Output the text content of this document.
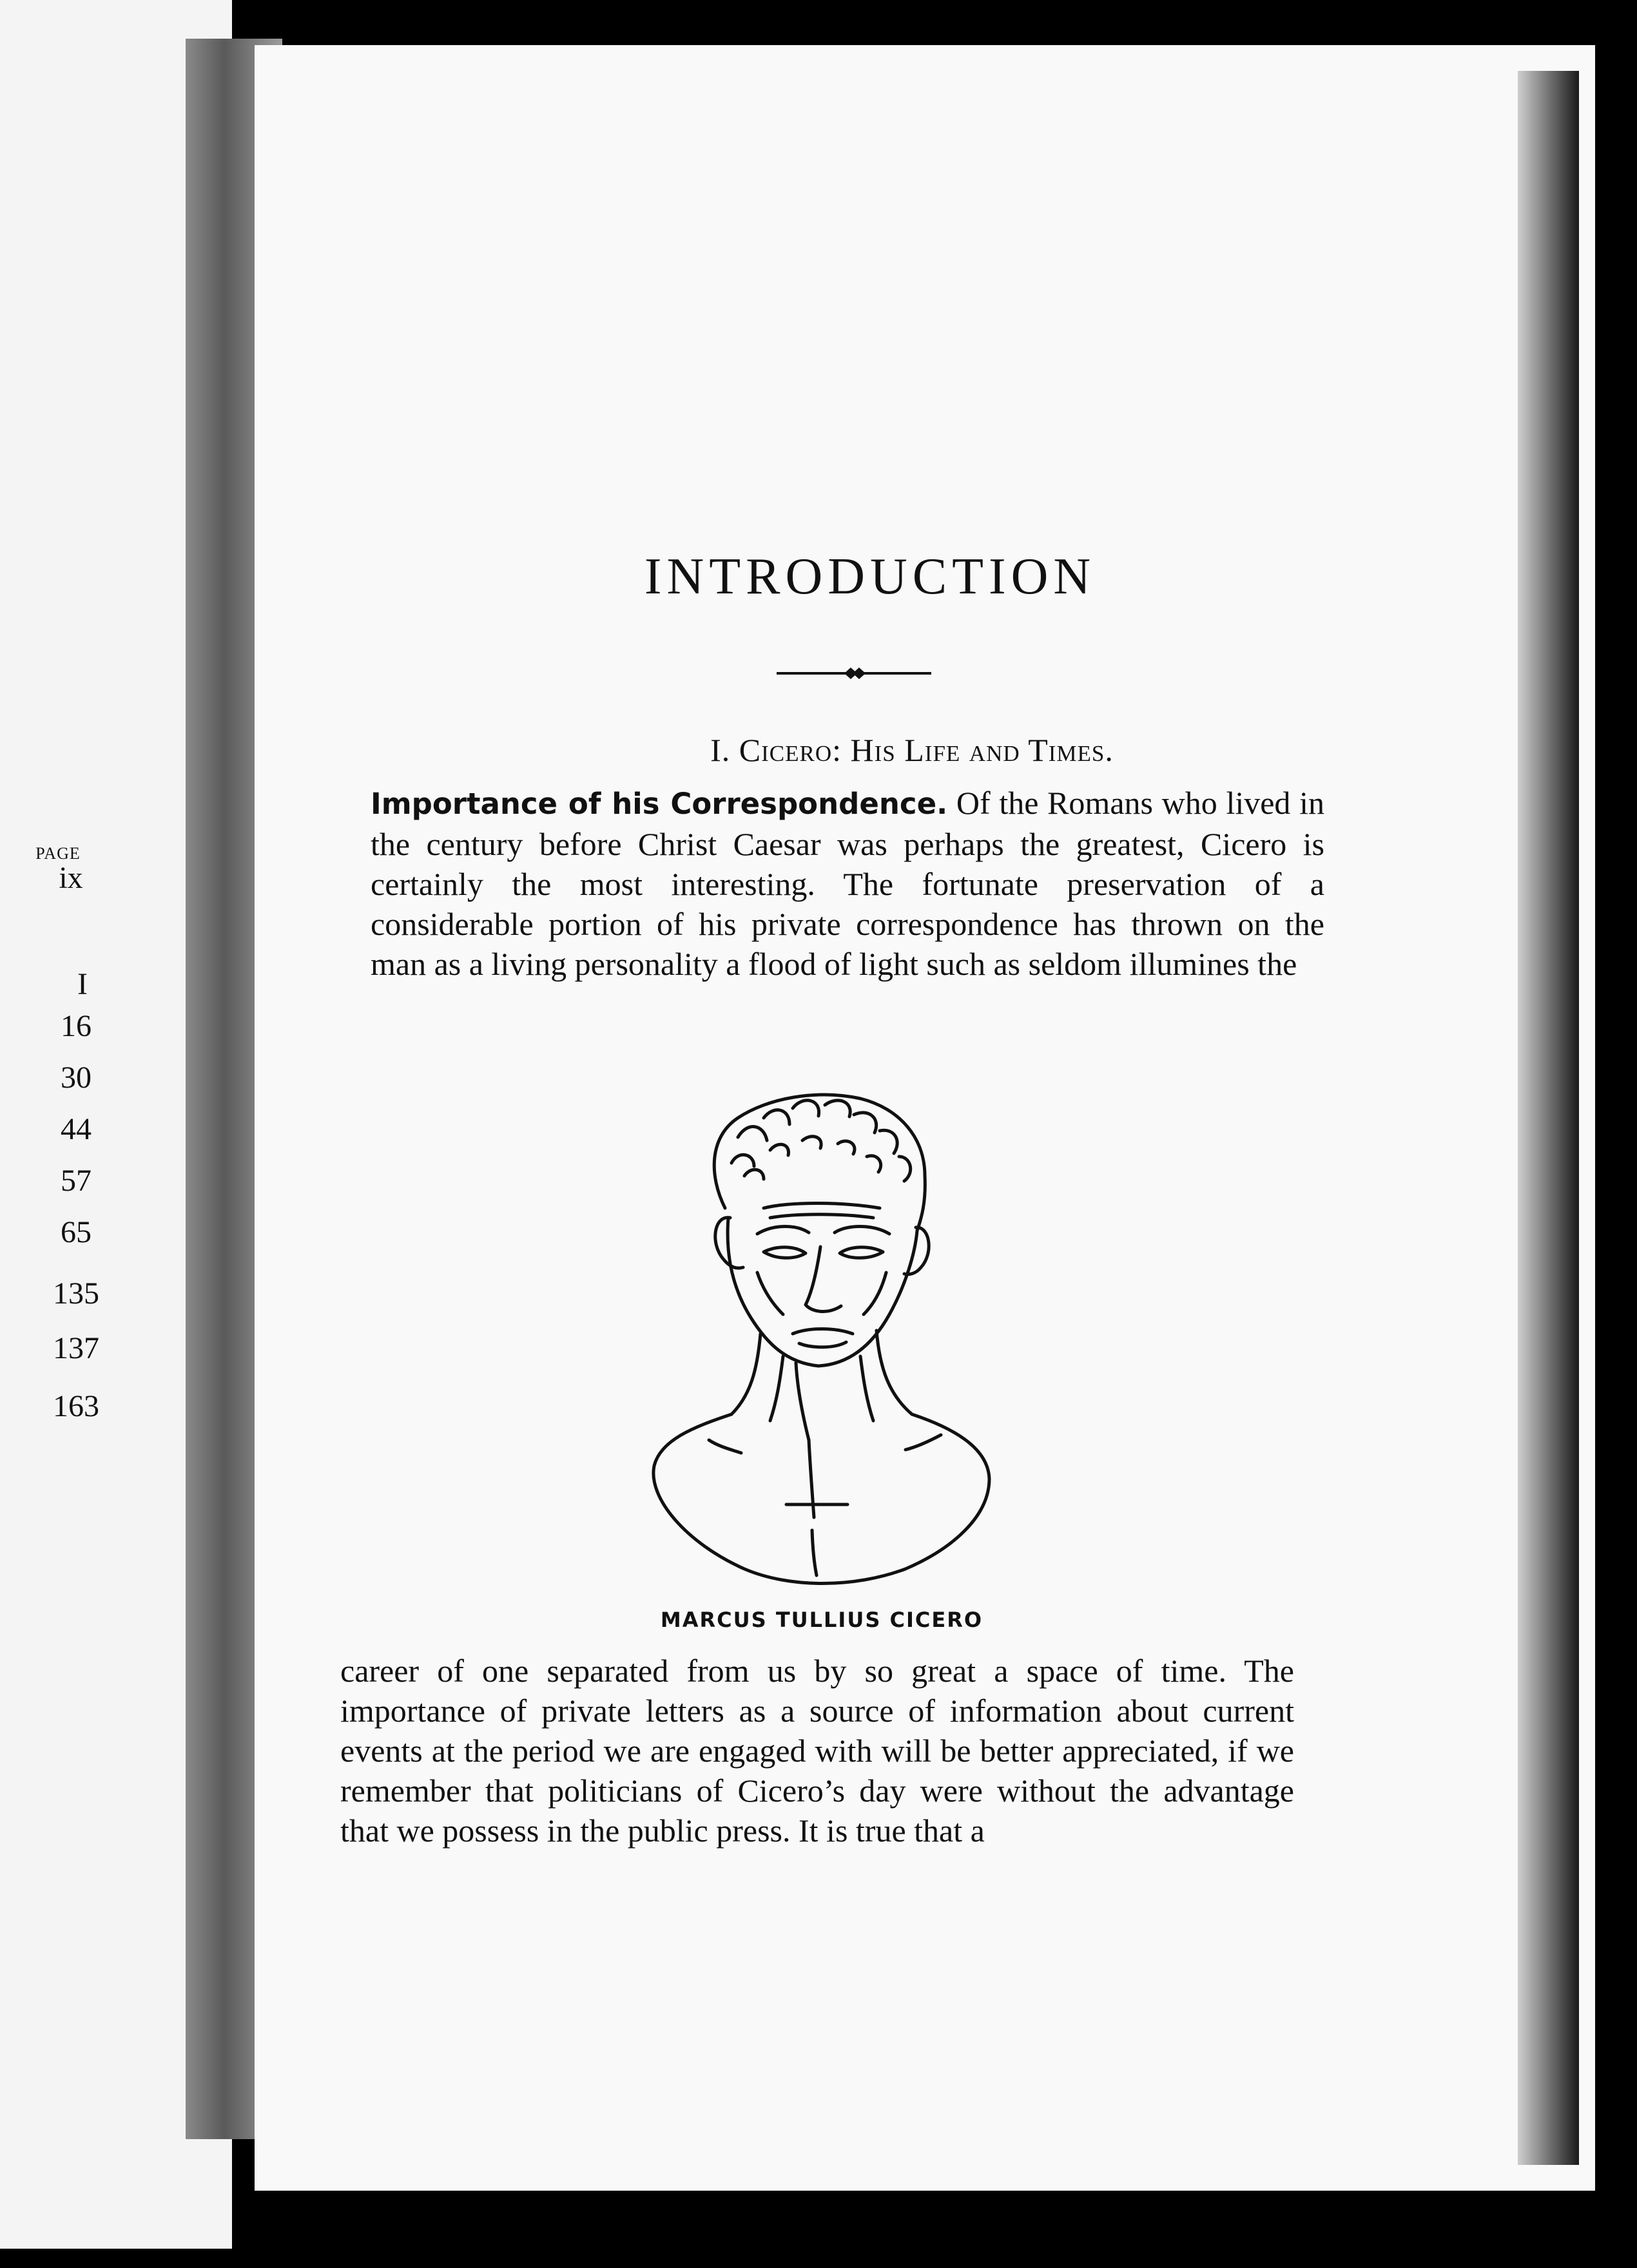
PAGE
ix
I
16
30
44
57
65
135
137
163
INTRODUCTION
I. Cicero: His Life and Times.
Importance of his Correspondence. Of the Romans who lived in the century before Christ Caesar was perhaps the greatest, Cicero is certainly the most interesting. The fortunate preservation of a considerable portion of his private correspondence has thrown on the man as a living personality a flood of light such as seldom illumines the
MARCUS TULLIUS CICERO
career of one separated from us by so great a space of time. The importance of private letters as a source of information about current events at the period we are engaged with will be better appreciated, if we remember that politicians of Cicero’s day were without the advantage that we possess in the public press. It is true that a
